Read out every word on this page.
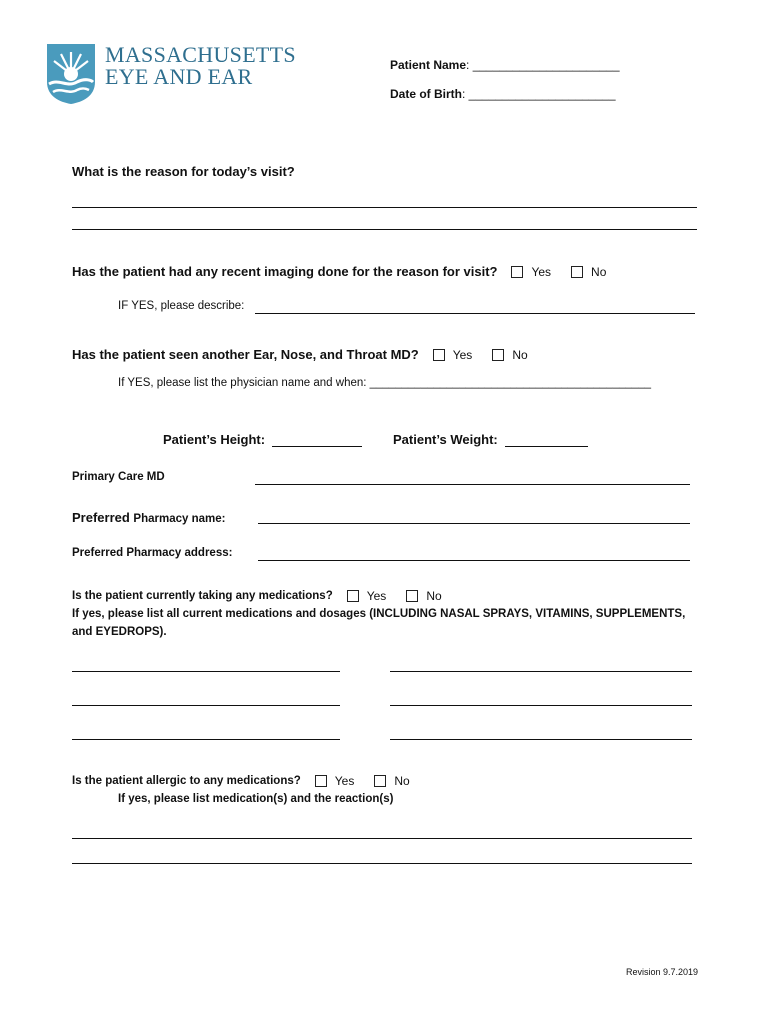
MASSACHUSETTS
EYE AND EAR	Patient Name: ______________________
Date of Birth: ______________________
What is the reason for today’s visit?
Has the patient had any recent imaging done for the reason for visit?	Yes	No
IF YES, please describe:
Has the patient seen another Ear, Nose, and Throat MD?	Yes	No
If YES, please list the physician name and when: ____________________________________________
Patient’s Height:	Patient’s Weight:
Primary Care MD
Preferred Pharmacy name:
Preferred Pharmacy address:
Is the patient currently taking any medications?	Yes	No
If yes, please list all current medications and dosages (INCLUDING NASAL SPRAYS, VITAMINS, SUPPLEMENTS,
and EYEDROPS).
Is the patient allergic to any medications?	Yes	No
If yes, please list medication(s) and the reaction(s)
Revision 9.7.2019
